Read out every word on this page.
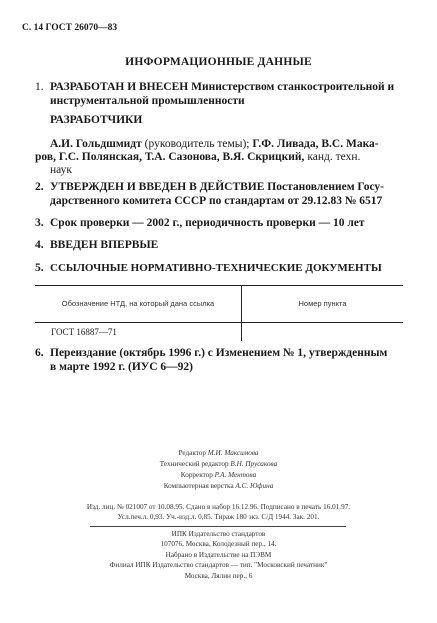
С. 14 ГОСТ 26070—83
ИНФОРМАЦИОННЫЕ ДАННЫЕ
1. РАЗРАБОТАН И ВНЕСЕН Министерством станкостроительной и
инструментальной промышленности
РАЗРАБОТЧИКИ
А.И. Гольдшмидт (руководитель темы); Г.Ф. Ливада, В.С. Мака-
ров, Г.С. Полянская, Т.А. Сазонова, В.Я. Скрицкий, канд. техн.
наук
2. УТВЕРЖДЕН И ВВЕДЕН В ДЕЙСТВИЕ Постановлением Госу-
дарственного комитета СССР по стандартам от 29.12.83 № 6517
3. Срок проверки — 2002 г., периодичность проверки — 10 лет
4. ВВЕДЕН ВПЕРВЫЕ
5. ССЫЛОЧНЫЕ НОРМАТИВНО-ТЕХНИЧЕСКИЕ ДОКУМЕНТЫ
Обозначение НТД, на который дана ссылка	Номер пункта
ГОСТ 16887—71	
6. Переиздание (октябрь 1996 г.) с Изменением № 1, утвержденным
в марте 1992 г. (ИУС 6—92)
Редактор М.И. Максимова
Технический редактор В.Н. Прусакова
Корректор Р.А. Ментова
Компьютерная верстка А.С. Юфина
Изд. лиц. № 021007 от 10.08.95. Сдано в набор 16.12.96. Подписано в печать 16.01.97.
Усл.печ.л. 0,93. Уч.-изд.л. 0,85. Тираж 180 экз. С/Д 1944. Зак. 201.
ИПК Издательство стандартов
107076, Москва, Колодезный пер., 14.
Набрано в Издательстве на ПЭВМ
Филиал ИПК Издательство стандартов — тип. "Московский печатник"
Москва, Лялин пер., 6
